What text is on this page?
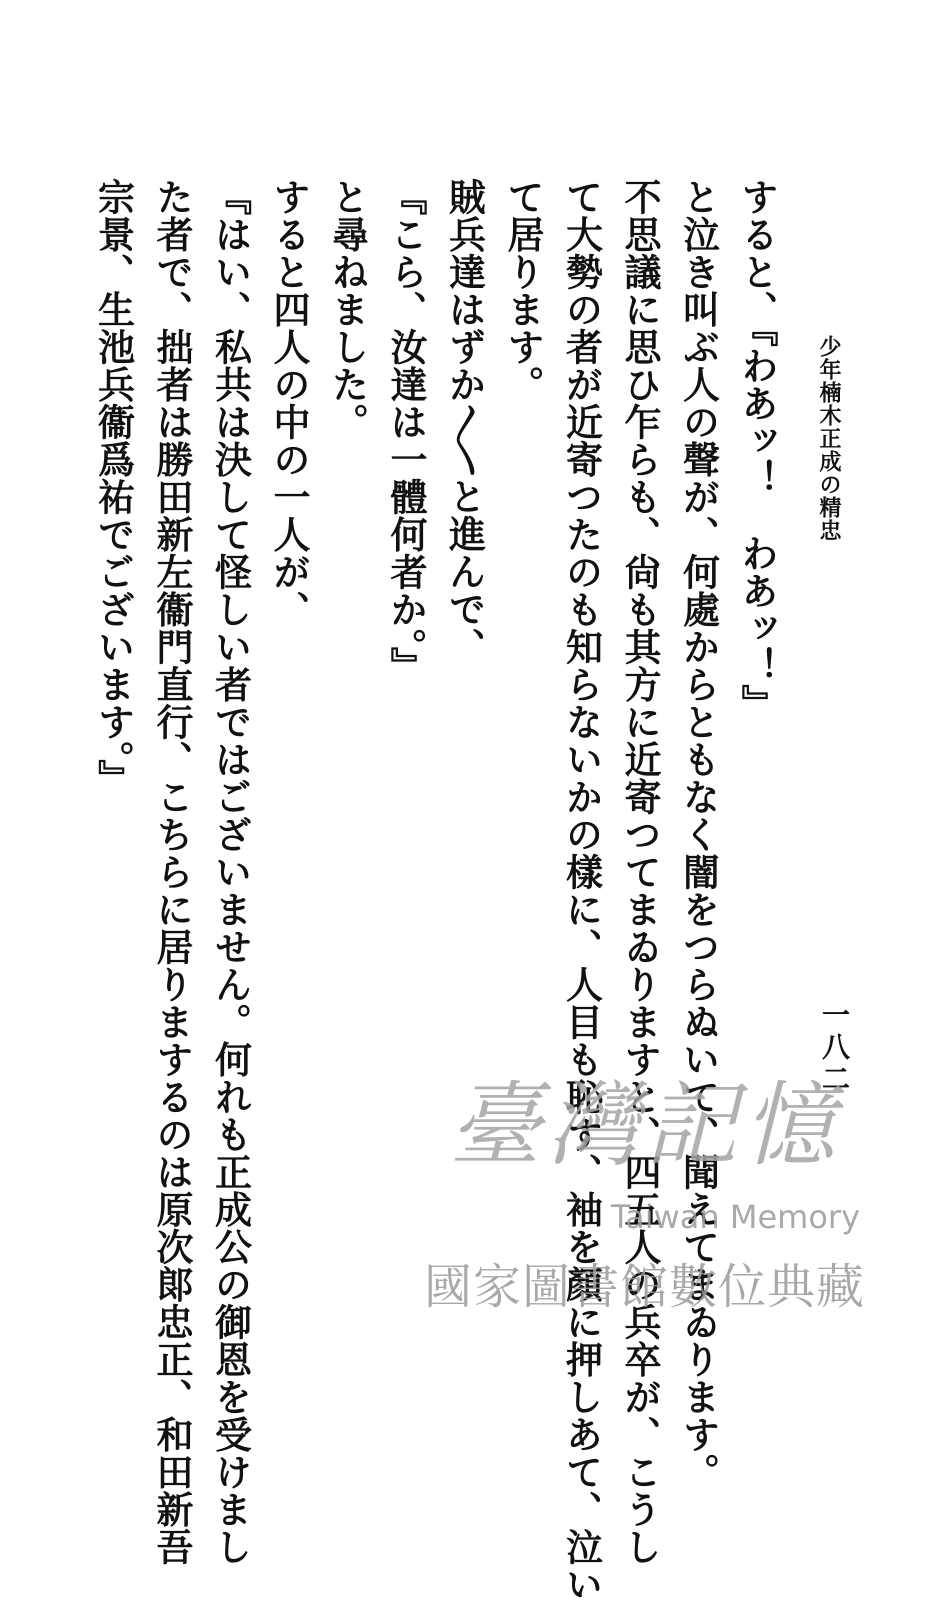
少年楠木正成の精忠
一八二
すると、『わあッ！　わあッ！』
と泣き叫ぶ人の聲が、何處からともなく闇をつらぬいて、聞えてまゐります。
不思議に思ひ乍らも、尙も其方に近寄つてまゐりますと、四五人の兵卒が、こうし
て大勢の者が近寄つたのも知らないかの樣に、人目も恥す、袖を顏に押しあて、泣い
て居ります。
賊兵達はずか〳〵と進んで、
『こら、汝達は一體何者か。』
と尋ねました。
すると四人の中の一人が、
『はい、私共は決して怪しい者ではございません。何れも正成公の御恩を受けまし
た者で、拙者は勝田新左衞門直行、こちらに居りまするのは原次郞忠正、和田新吾
宗景、生池兵衞爲祐でございます。』
臺灣記憶
Taiwan Memory
國家圖書館數位典藏
